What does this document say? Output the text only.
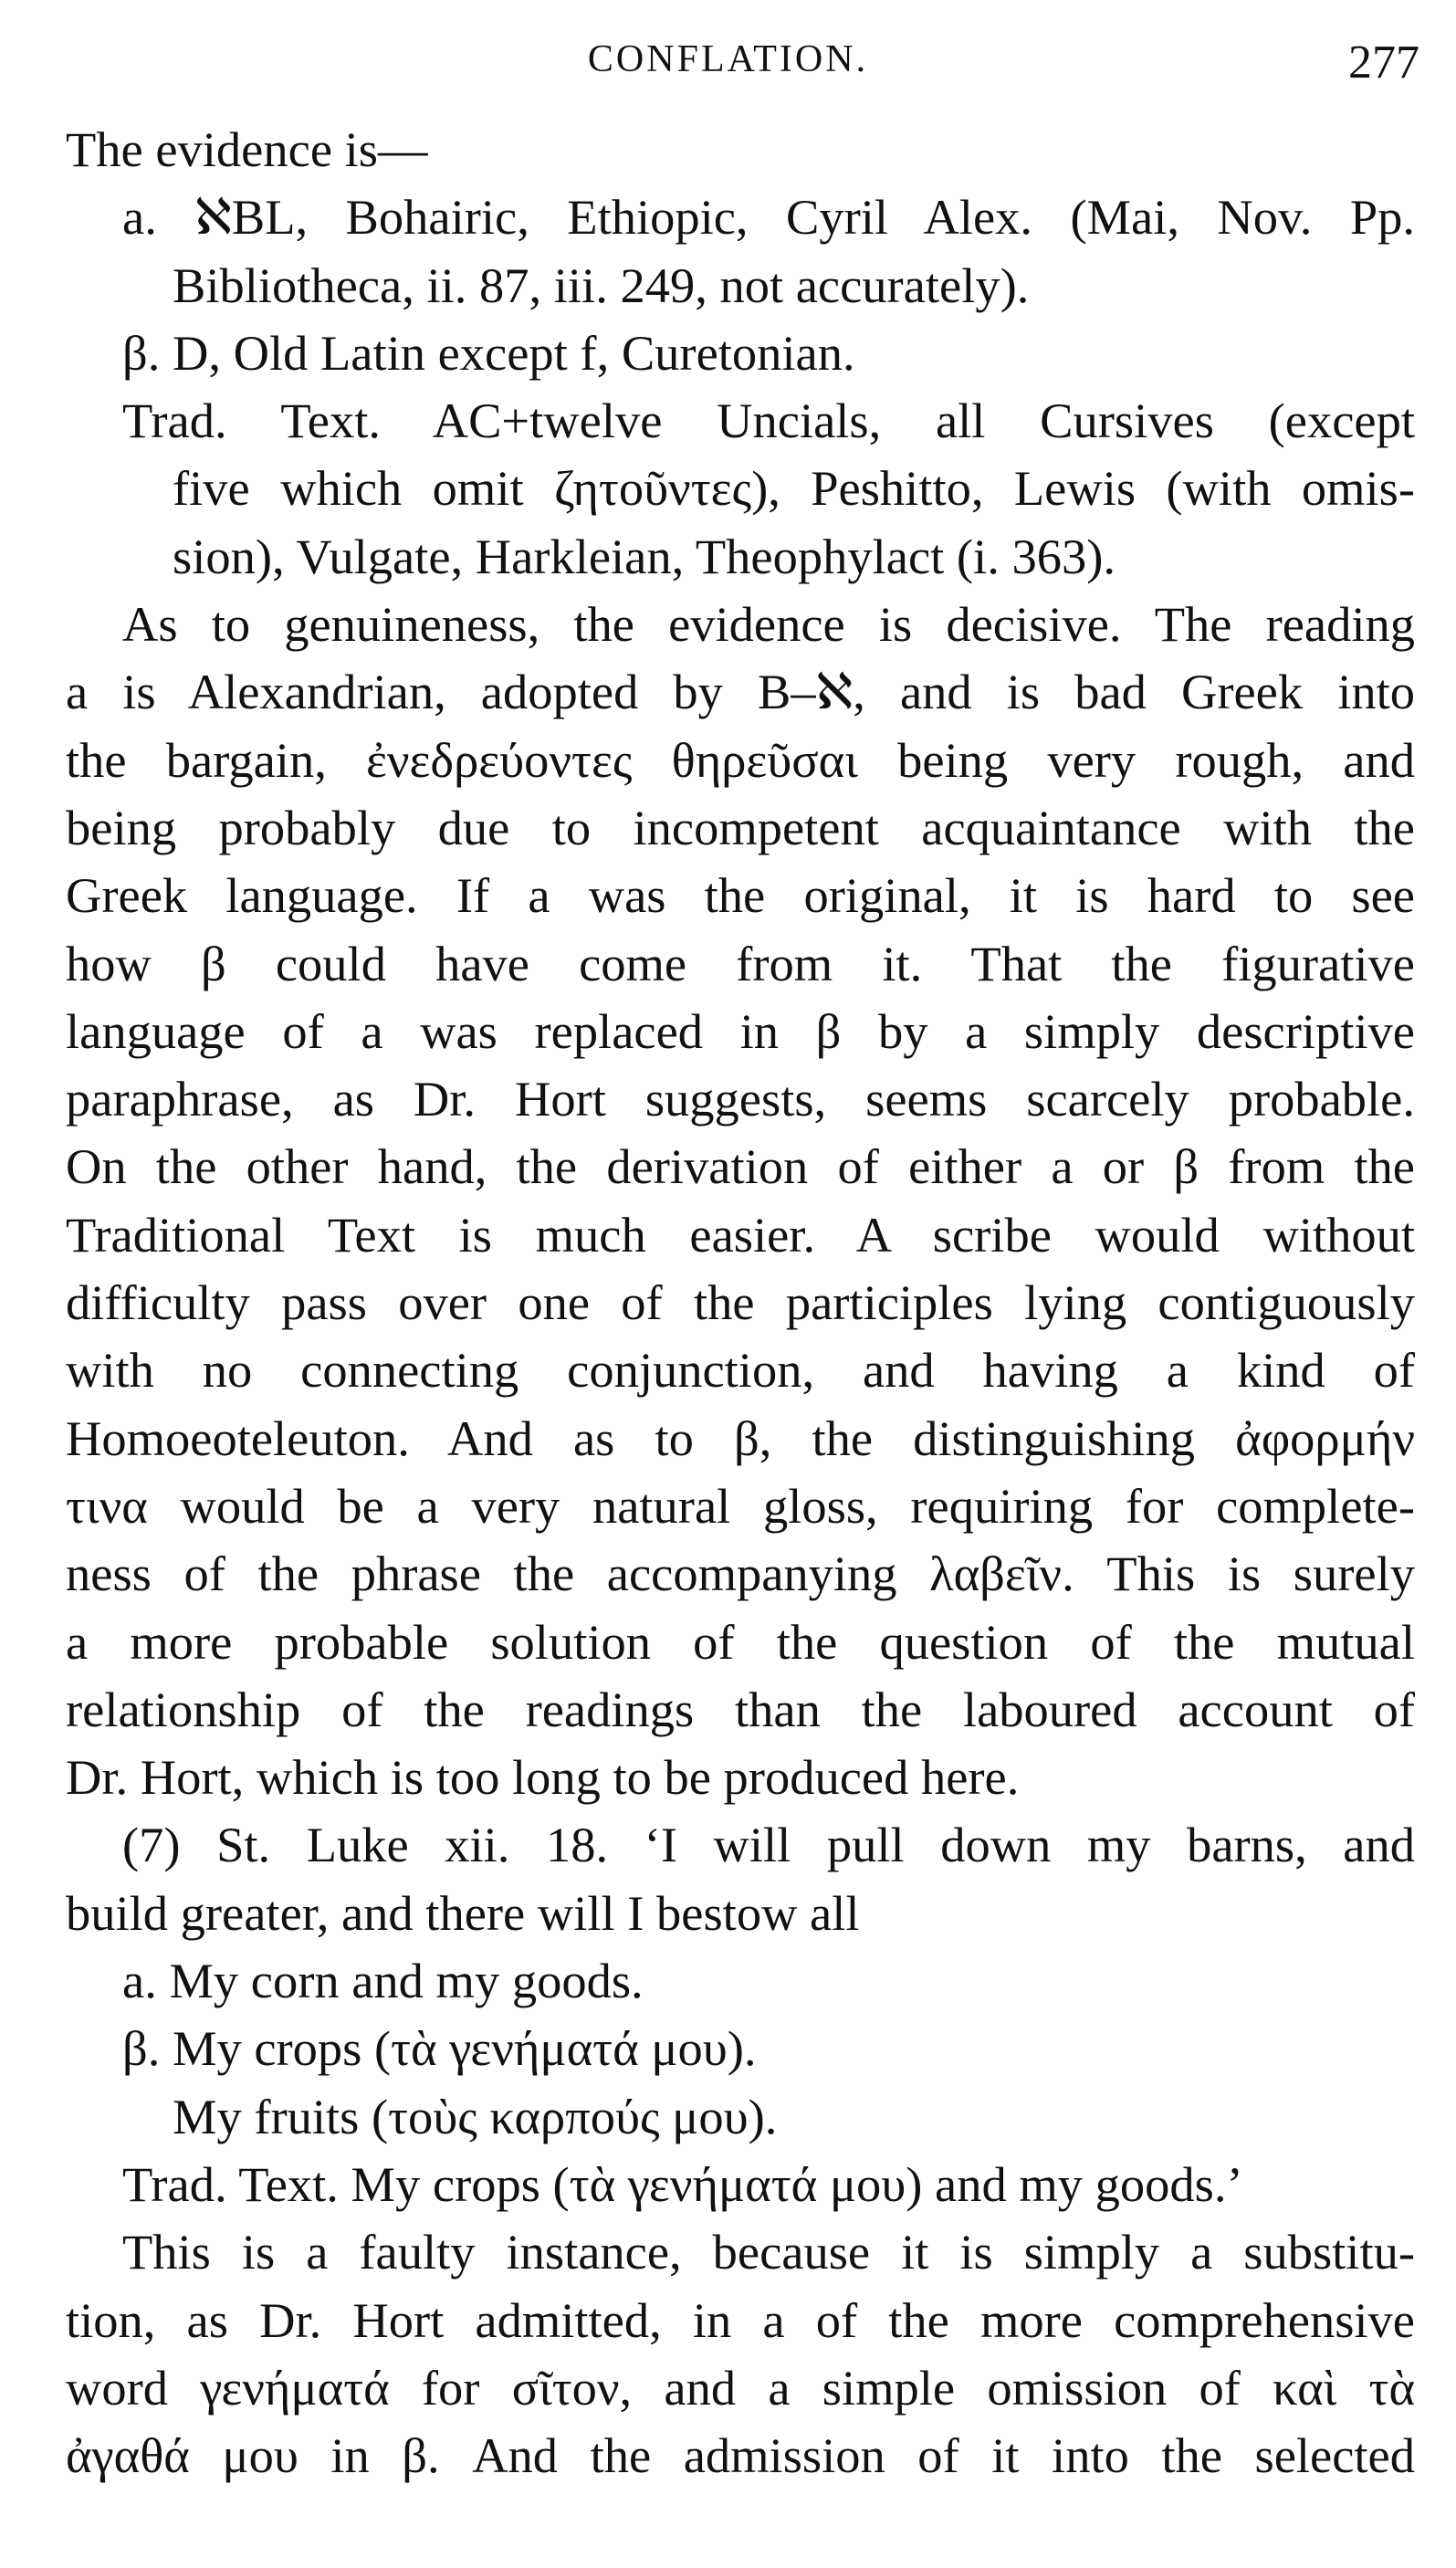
CONFLATION.	277
The evidence is—
a. ℵBL, Bohairic, Ethiopic, Cyril Alex. (Mai, Nov. Pp.
Bibliotheca, ii. 87, iii. 249, not accurately).
β. D, Old Latin except f, Curetonian.
Trad. Text. AC+twelve Uncials, all Cursives (except
five which omit ζητοῦντες), Peshitto, Lewis (with omis-
sion), Vulgate, Harkleian, Theophylact (i. 363).
As to genuineness, the evidence is decisive. The reading
a is Alexandrian, adopted by B–ℵ, and is bad Greek into
the bargain, ἐνεδρεύοντες θηρεῦσαι being very rough, and
being probably due to incompetent acquaintance with the
Greek language. If a was the original, it is hard to see
how β could have come from it. That the figurative
language of a was replaced in β by a simply descriptive
paraphrase, as Dr. Hort suggests, seems scarcely probable.
On the other hand, the derivation of either a or β from the
Traditional Text is much easier. A scribe would without
difficulty pass over one of the participles lying contiguously
with no connecting conjunction, and having a kind of
Homoeoteleuton. And as to β, the distinguishing ἀφορμήν
τινα would be a very natural gloss, requiring for complete-
ness of the phrase the accompanying λαβεῖν. This is surely
a more probable solution of the question of the mutual
relationship of the readings than the laboured account of
Dr. Hort, which is too long to be produced here.
(7) St. Luke xii. 18. ‘I will pull down my barns, and
build greater, and there will I bestow all
a. My corn and my goods.
β. My crops (τὰ γενήματά μου).
My fruits (τοὺς καρπούς μου).
Trad. Text. My crops (τὰ γενήματά μου) and my goods.’
This is a faulty instance, because it is simply a substitu-
tion, as Dr. Hort admitted, in a of the more comprehensive
word γενήματά for σῖτον, and a simple omission of καὶ τὰ
ἀγαθά μου in β. And the admission of it into the selected
